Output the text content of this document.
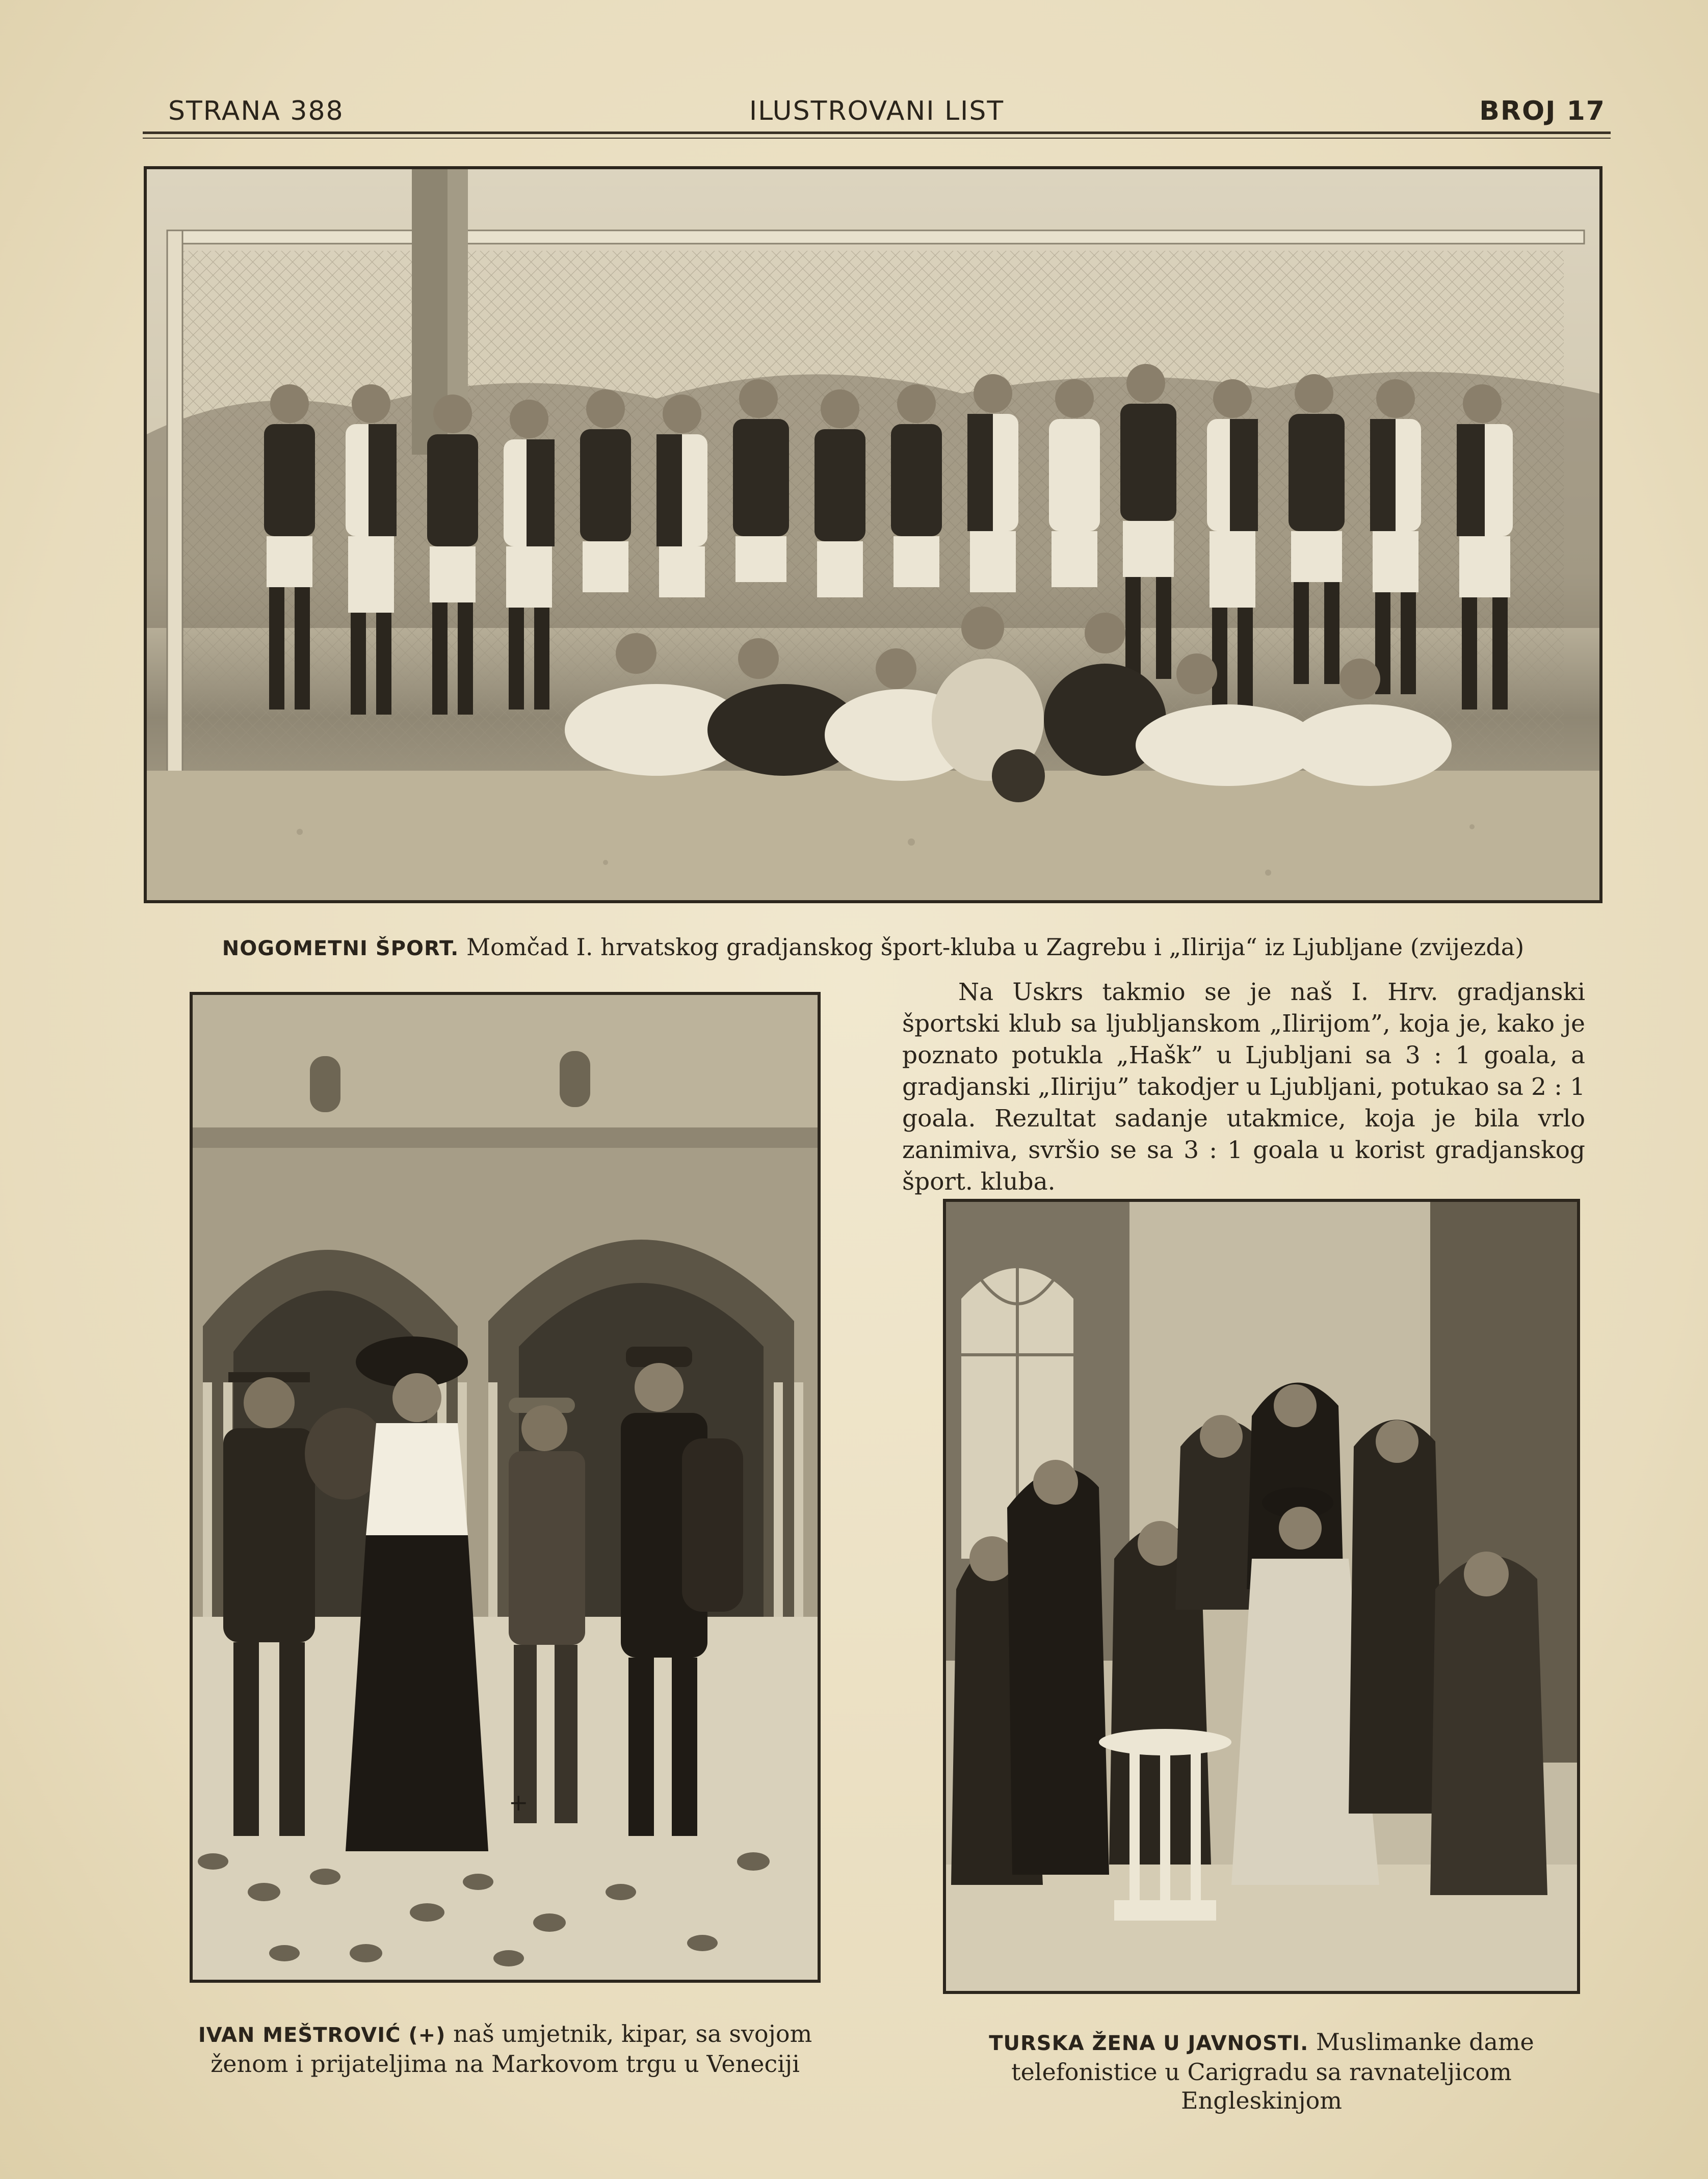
STRANA 388	ILUSTROVANI LIST	BROJ 17
NOGOMETNI ŠPORT. Momčad I. hrvatskog gradjanskog šport-kluba u Zagrebu i „Ilirija“ iz Ljubljane (zvijezda)
+
IVAN MEŠTROVIĆ (+) naš umjetnik, kipar, sa svojom ženom i prijateljima na Markovom trgu u Veneciji
Na Uskrs takmio se je naš I. Hrv. gradjanski športski klub sa ljubljanskom „Ilirijom”, koja je, kako je poznato potukla „Hašk” u Ljubljani sa 3 : 1 goala, a gradjanski „Iliriju” takodjer u Ljubljani, potukao sa 2 : 1 goala. Rezultat sadanje utakmice, koja je bila vrlo zanimiva, svršio se sa 3 : 1 goala u korist gradjanskog šport. kluba.
TURSKA ŽENA U JAVNOSTI. Muslimanke dame telefonistice u Carigradu sa ravnateljicom Engleskinjom
